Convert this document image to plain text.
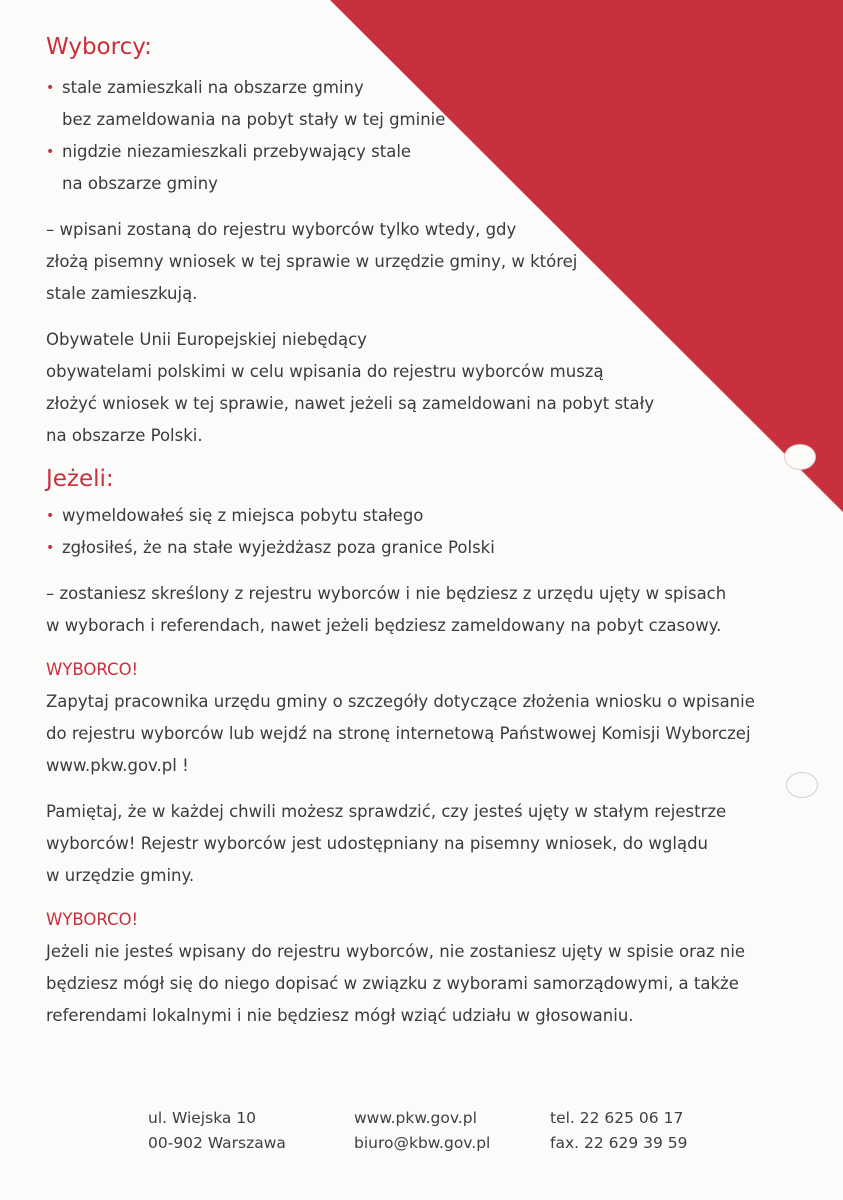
Wyborcy:
• stale zamieszkali na obszarze gminy
bez zameldowania na pobyt stały w tej gminie
• nigdzie niezamieszkali przebywający stale
na obszarze gminy
– wpisani zostaną do rejestru wyborców tylko wtedy, gdy
złożą pisemny wniosek w tej sprawie w urzędzie gminy, w której
stale zamieszkują.
Obywatele Unii Europejskiej niebędący
obywatelami polskimi w celu wpisania do rejestru wyborców muszą
złożyć wniosek w tej sprawie, nawet jeżeli są zameldowani na pobyt stały
na obszarze Polski.
Jeżeli:
• wymeldowałeś się z miejsca pobytu stałego
• zgłosiłeś, że na stałe wyjeżdżasz poza granice Polski
– zostaniesz skreślony z rejestru wyborców i nie będziesz z urzędu ujęty w spisach
w wyborach i referendach, nawet jeżeli będziesz zameldowany na pobyt czasowy.
WYBORCO!
Zapytaj pracownika urzędu gminy o szczegóły dotyczące złożenia wniosku o wpisanie
do rejestru wyborców lub wejdź na stronę internetową Państwowej Komisji Wyborczej
www.pkw.gov.pl !
Pamiętaj, że w każdej chwili możesz sprawdzić, czy jesteś ujęty w stałym rejestrze
wyborców! Rejestr wyborców jest udostępniany na pisemny wniosek, do wglądu
w urzędzie gminy.
WYBORCO!
Jeżeli nie jesteś wpisany do rejestru wyborców, nie zostaniesz ujęty w spisie oraz nie
będziesz mógł się do niego dopisać w związku z wyborami samorządowymi, a także
referendami lokalnymi i nie będziesz mógł wziąć udziału w głosowaniu.
ul. Wiejska 10
00-902 Warszawa
www.pkw.gov.pl
biuro@kbw.gov.pl
tel. 22 625 06 17
fax. 22 629 39 59
